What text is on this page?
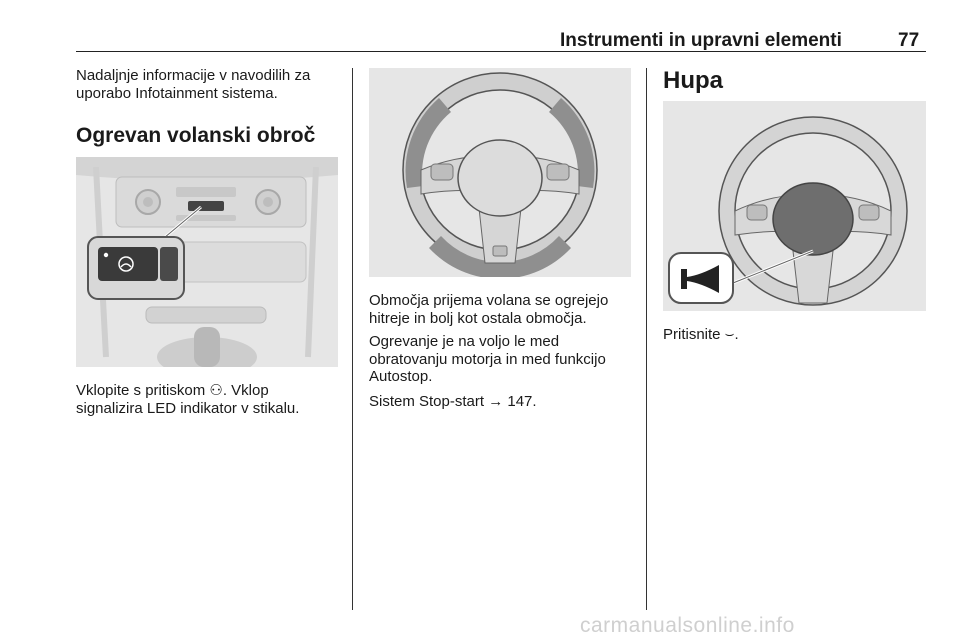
Instrumenti in upravni elementi	77
Nadaljnje informacije v navodilih za
uporabo Infotainment sistema.
Ogrevan volanski obroč
Vklopite s pritiskom ⚇. Vklop
signalizira LED indikator v stikalu.
Območja prijema volana se ogrejejo
hitreje in bolj kot ostala območja.
Ogrevanje je na voljo le med
obratovanju motorja in med funkcijo
Autostop.
Sistem Stop-start → 147.
Hupa
Pritisnite ⌣.
carmanualsonline.info
